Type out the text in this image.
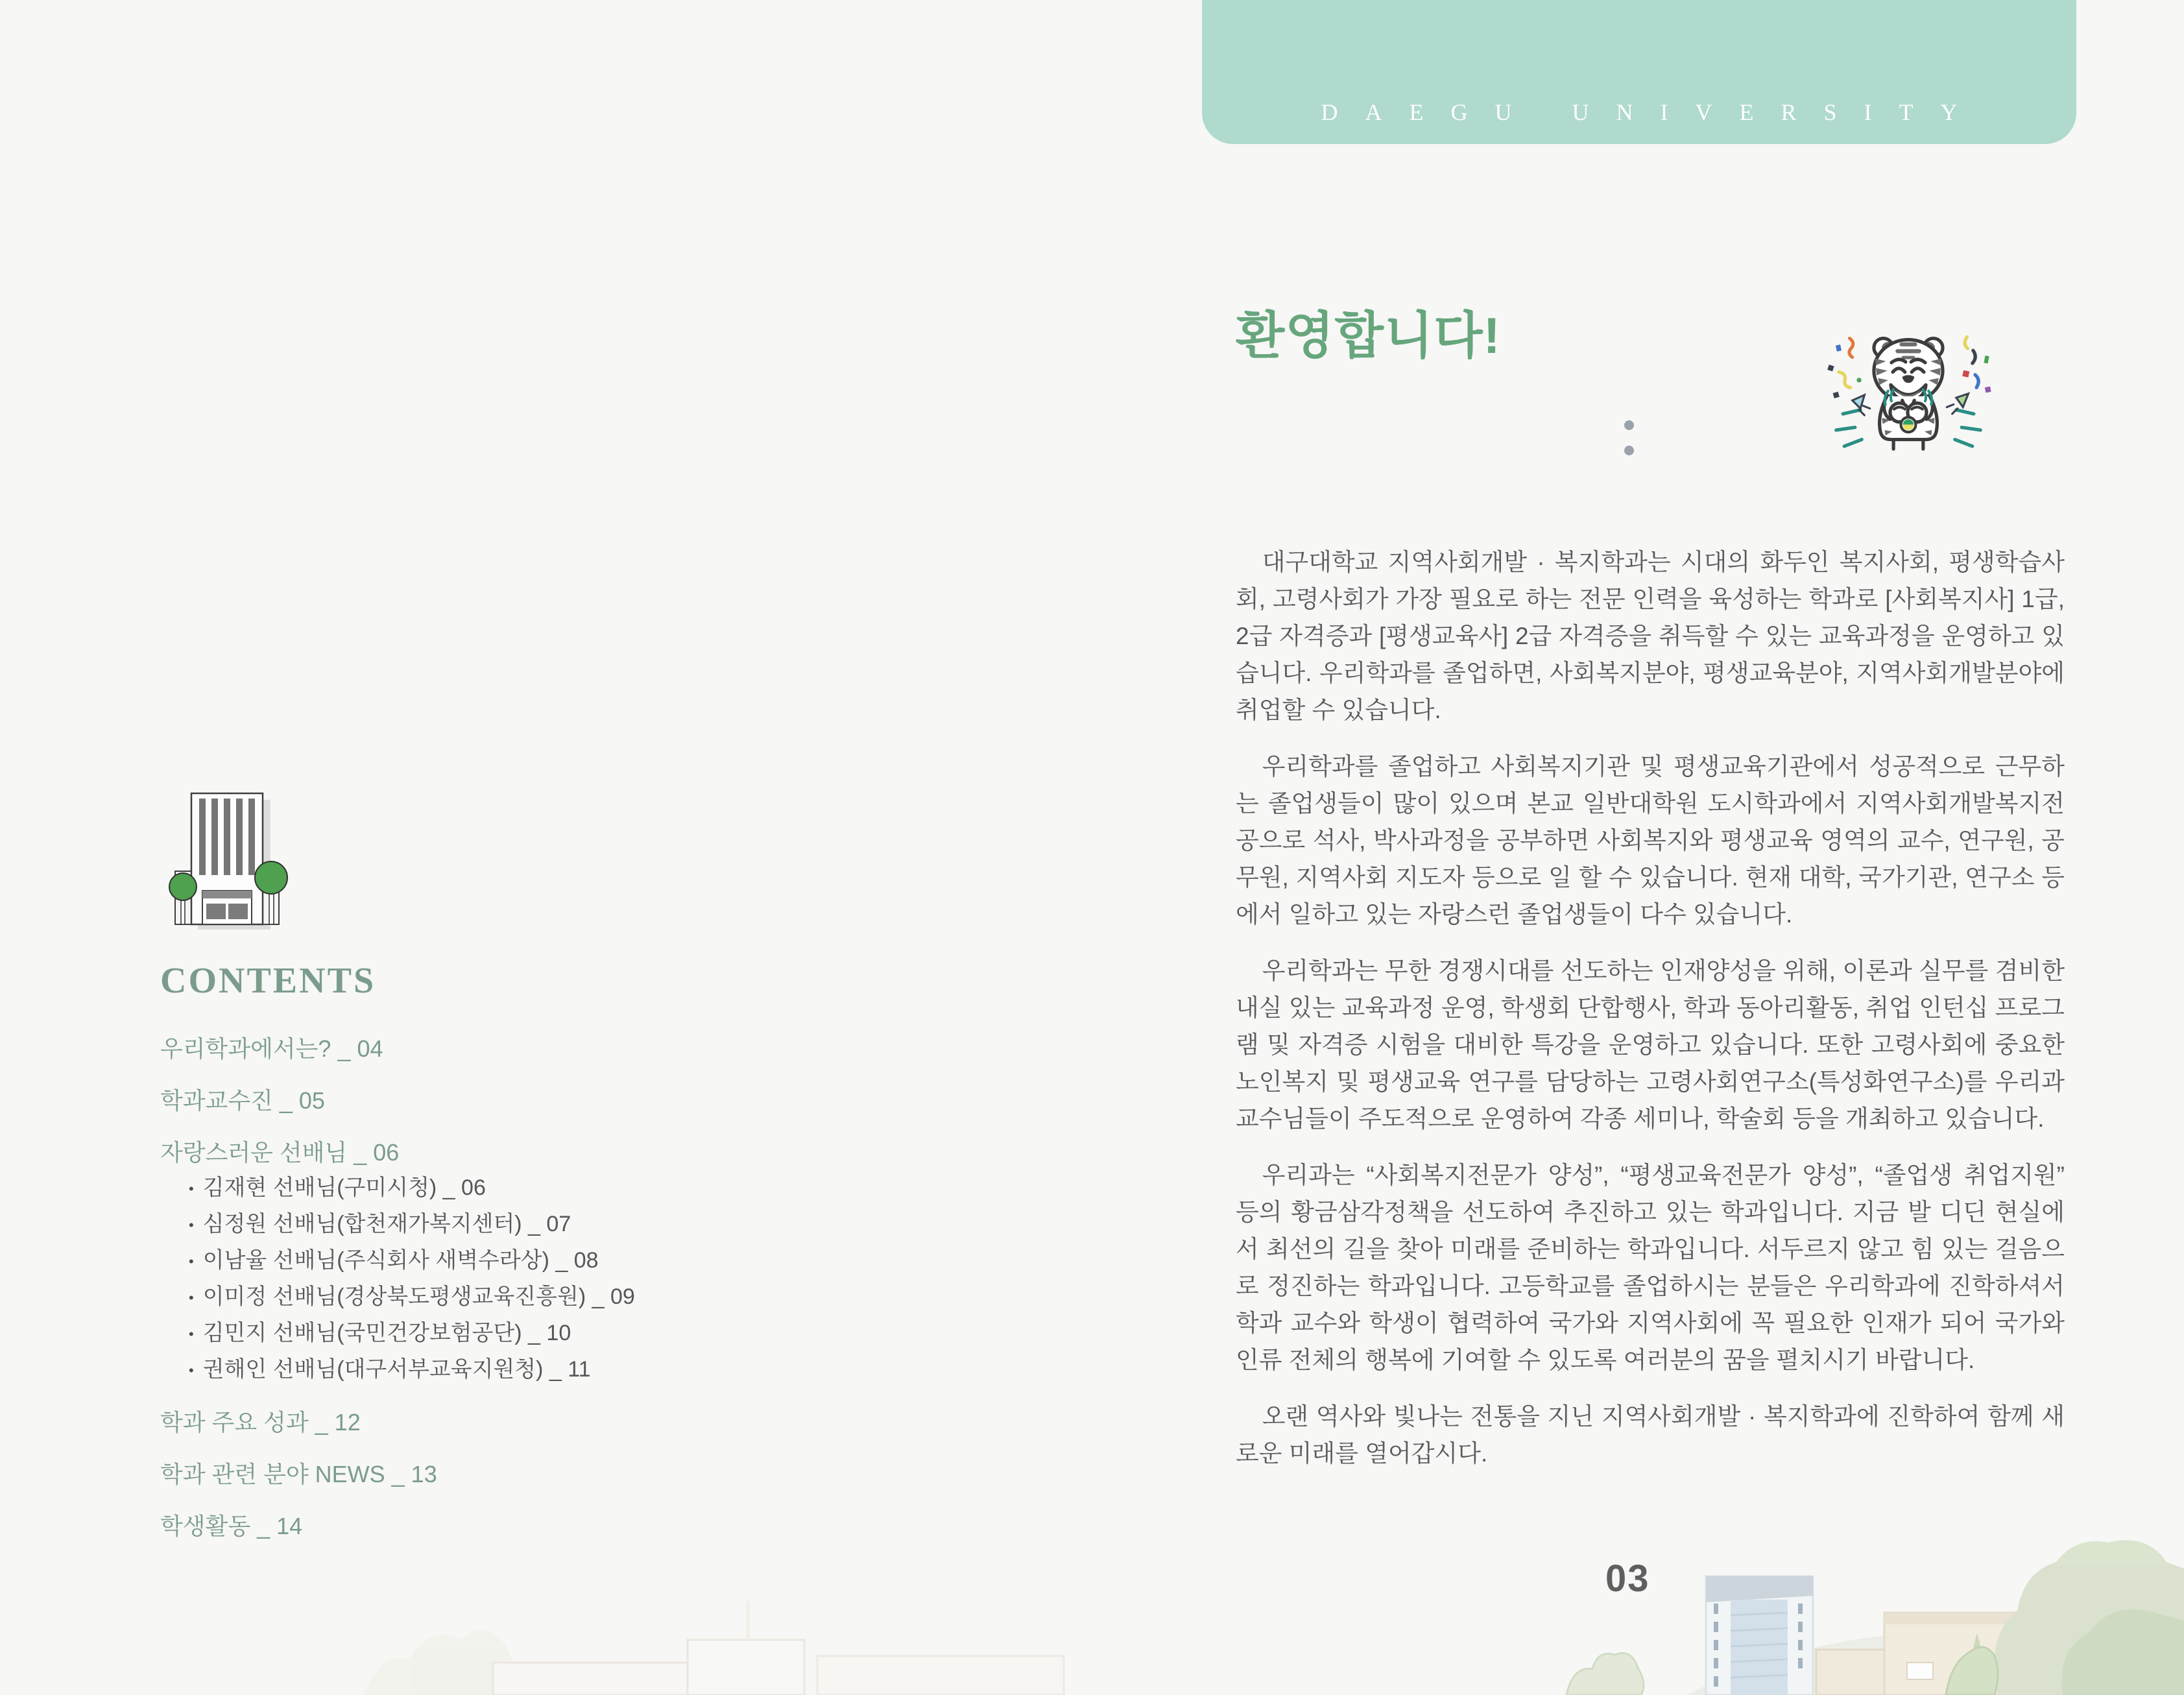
DAEGU UNIVERSITY
CONTENTS
우리학과에서는? _ 04
학과교수진 _ 05
자랑스러운 선배님 _ 06
• 김재현 선배님(구미시청) _ 06
• 심정원 선배님(합천재가복지센터) _ 07
• 이남율 선배님(주식회사 새벽수라상) _ 08
• 이미정 선배님(경상북도평생교육진흥원) _ 09
• 김민지 선배님(국민건강보험공단) _ 10
• 권해인 선배님(대구서부교육지원청) _ 11
학과 주요 성과 _ 12
학과 관련 분야 NEWS _ 13
학생활동 _ 14
환영합니다!

대구대학교 지역사회개발 · 복지학과는 시대의 화두인 복지사회, 평생학습사회, 고령사회가 가장 필요로 하는 전문 인력을 육성하는 학과로 [사회복지사] 1급, 2급 자격증과 [평생교육사] 2급 자격증을 취득할 수 있는 교육과정을 운영하고 있습니다. 우리학과를 졸업하면, 사회복지분야, 평생교육분야, 지역사회개발분야에 취업할 수 있습니다.

우리학과를 졸업하고 사회복지기관 및 평생교육기관에서 성공적으로 근무하는 졸업생들이 많이 있으며 본교 일반대학원 도시학과에서 지역사회개발복지전공으로 석사, 박사과정을 공부하면 사회복지와 평생교육 영역의 교수, 연구원, 공무원, 지역사회 지도자 등으로 일 할 수 있습니다. 현재 대학, 국가기관, 연구소 등에서 일하고 있는 자랑스런 졸업생들이 다수 있습니다.

우리학과는 무한 경쟁시대를 선도하는 인재양성을 위해, 이론과 실무를 겸비한 내실 있는 교육과정 운영, 학생회 단합행사, 학과 동아리활동, 취업 인턴십 프로그램 및 자격증 시험을 대비한 특강을 운영하고 있습니다. 또한 고령사회에 중요한 노인복지 및 평생교육 연구를 담당하는 고령사회연구소(특성화연구소)를 우리과 교수님들이 주도적으로 운영하여 각종 세미나, 학술회 등을 개최하고 있습니다.

우리과는 “사회복지전문가 양성”, “평생교육전문가 양성”, “졸업생 취업지원” 등의 황금삼각정책을 선도하여 추진하고 있는 학과입니다. 지금 발 디딘 현실에서 최선의 길을 찾아 미래를 준비하는 학과입니다. 서두르지 않고 힘 있는 걸음으로 정진하는 학과입니다. 고등학교를 졸업하시는 분들은 우리학과에 진학하셔서 학과 교수와 학생이 협력하여 국가와 지역사회에 꼭 필요한 인재가 되어 국가와 인류 전체의 행복에 기여할 수 있도록 여러분의 꿈을 펼치시기 바랍니다.

오랜 역사와 빛나는 전통을 지닌 지역사회개발 · 복지학과에 진학하여 함께 새로운 미래를 열어갑시다.

03
